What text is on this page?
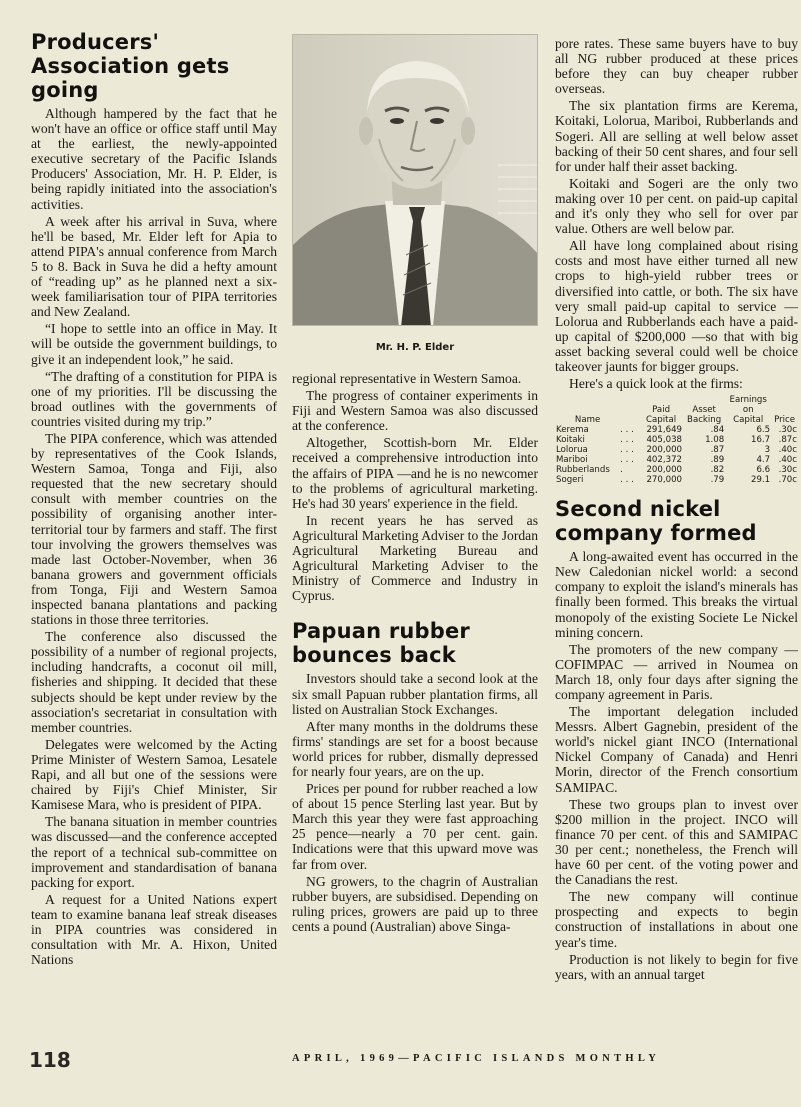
Producers' Association gets going

Although hampered by the fact that he won't have an office or office staff until May at the earliest, the newly-appointed executive secretary of the Pacific Islands Producers' Association, Mr. H. P. Elder, is being rapidly initiated into the association's activities.

A week after his arrival in Suva, where he'll be based, Mr. Elder left for Apia to attend PIPA's annual conference from March 5 to 8. Back in Suva he did a hefty amount of “reading up” as he planned next a six-week familiarisation tour of PIPA territories and New Zealand.

“I hope to settle into an office in May. It will be outside the government buildings, to give it an independent look,” he said.

“The drafting of a constitution for PIPA is one of my priorities. I'll be discussing the broad outlines with the governments of countries visited during my trip.”

The PIPA conference, which was attended by representatives of the Cook Islands, Western Samoa, Tonga and Fiji, also requested that the new secretary should consult with member countries on the possibility of organising another inter-territorial tour by farmers and staff. The first tour involving the growers themselves was made last October-November, when 36 banana growers and government officials from Tonga, Fiji and Western Samoa inspected banana plantations and packing stations in those three territories.

The conference also discussed the possibility of a number of regional projects, including handcrafts, a coconut oil mill, fisheries and shipping. It decided that these subjects should be kept under review by the association's secretariat in consultation with member countries.

Delegates were welcomed by the Acting Prime Minister of Western Samoa, Lesatele Rapi, and all but one of the sessions were chaired by Fiji's Chief Minister, Sir Kamisese Mara, who is president of PIPA.

The banana situation in member countries was discussed—and the conference accepted the report of a technical sub-committee on improvement and standardisation of banana packing for export.

A request for a United Nations expert team to examine banana leaf streak diseases in PIPA countries was considered in consultation with Mr. A. Hixon, United Nations

Mr. H. P. Elder

regional representative in Western Samoa.

The progress of container experiments in Fiji and Western Samoa was also discussed at the conference.

Altogether, Scottish-born Mr. Elder received a comprehensive introduction into the affairs of PIPA —and he is no newcomer to the problems of agricultural marketing. He's had 30 years' experience in the field.

In recent years he has served as Agricultural Marketing Adviser to the Jordan Agricultural Marketing Bureau and Agricultural Marketing Adviser to the Ministry of Commerce and Industry in Cyprus.

Papuan rubber bounces back

Investors should take a second look at the six small Papuan rubber plantation firms, all listed on Australian Stock Exchanges.

After many months in the doldrums these firms' standings are set for a boost because world prices for rubber, dismally depressed for nearly four years, are on the up.

Prices per pound for rubber reached a low of about 15 pence Sterling last year. But by March this year they were fast approaching 25 pence—nearly a 70 per cent. gain. Indications were that this upward move was far from over.

NG growers, to the chagrin of Australian rubber buyers, are subsidised. Depending on ruling prices, growers are paid up to three cents a pound (Australian) above Singa-

pore rates. These same buyers have to buy all NG rubber produced at these prices before they can buy cheaper rubber overseas.

The six plantation firms are Kerema, Koitaki, Lolorua, Mariboi, Rubberlands and Sogeri. All are selling at well below asset backing of their 50 cent shares, and four sell for under half their asset backing.

Koitaki and Sogeri are the only two making over 10 per cent. on paid-up capital and it's only they who sell for over par value. Others are well below par.

All have long complained about rising costs and most have either turned all new crops to high-yield rubber trees or diversified into cattle, or both. The six have very small paid-up capital to service —Lolorua and Rubberlands each have a paid-up capital of $200,000 —so that with big asset backing several could well be choice takeover jaunts for bigger groups.

Here's a quick look at the firms:

				Earnings	
		Paid	Asset	on	
Name		Capital	Backing	Capital	Price
Kerema	. . .	291,649	.84	6.5	.30c
Koitaki	. . .	405,038	1.08	16.7	.87c
Lolorua	. . .	200,000	.87	3	.40c
Mariboi	. . .	402,372	.89	4.7	.40c
Rubberlands	.	200,000	.82	6.6	.30c
Sogeri	. . .	270,000	.79	29.1	.70c
Second nickel company formed

A long-awaited event has occurred in the New Caledonian nickel world: a second company to exploit the island's minerals has finally been formed. This breaks the virtual monopoly of the existing Societe Le Nickel mining concern.

The promoters of the new company — COFIMPAC — arrived in Noumea on March 18, only four days after signing the company agreement in Paris.

The important delegation included Messrs. Albert Gagnebin, president of the world's nickel giant INCO (International Nickel Company of Canada) and Henri Morin, director of the French consortium SAMIPAC.

These two groups plan to invest over $200 million in the project. INCO will finance 70 per cent. of this and SAMIPAC 30 per cent.; nonetheless, the French will have 60 per cent. of the voting power and the Canadians the rest.

The new company will continue prospecting and expects to begin construction of installations in about one year's time.

Production is not likely to begin for five years, with an annual target

118	APRIL, 1969—PACIFIC ISLANDS MONTHLY
